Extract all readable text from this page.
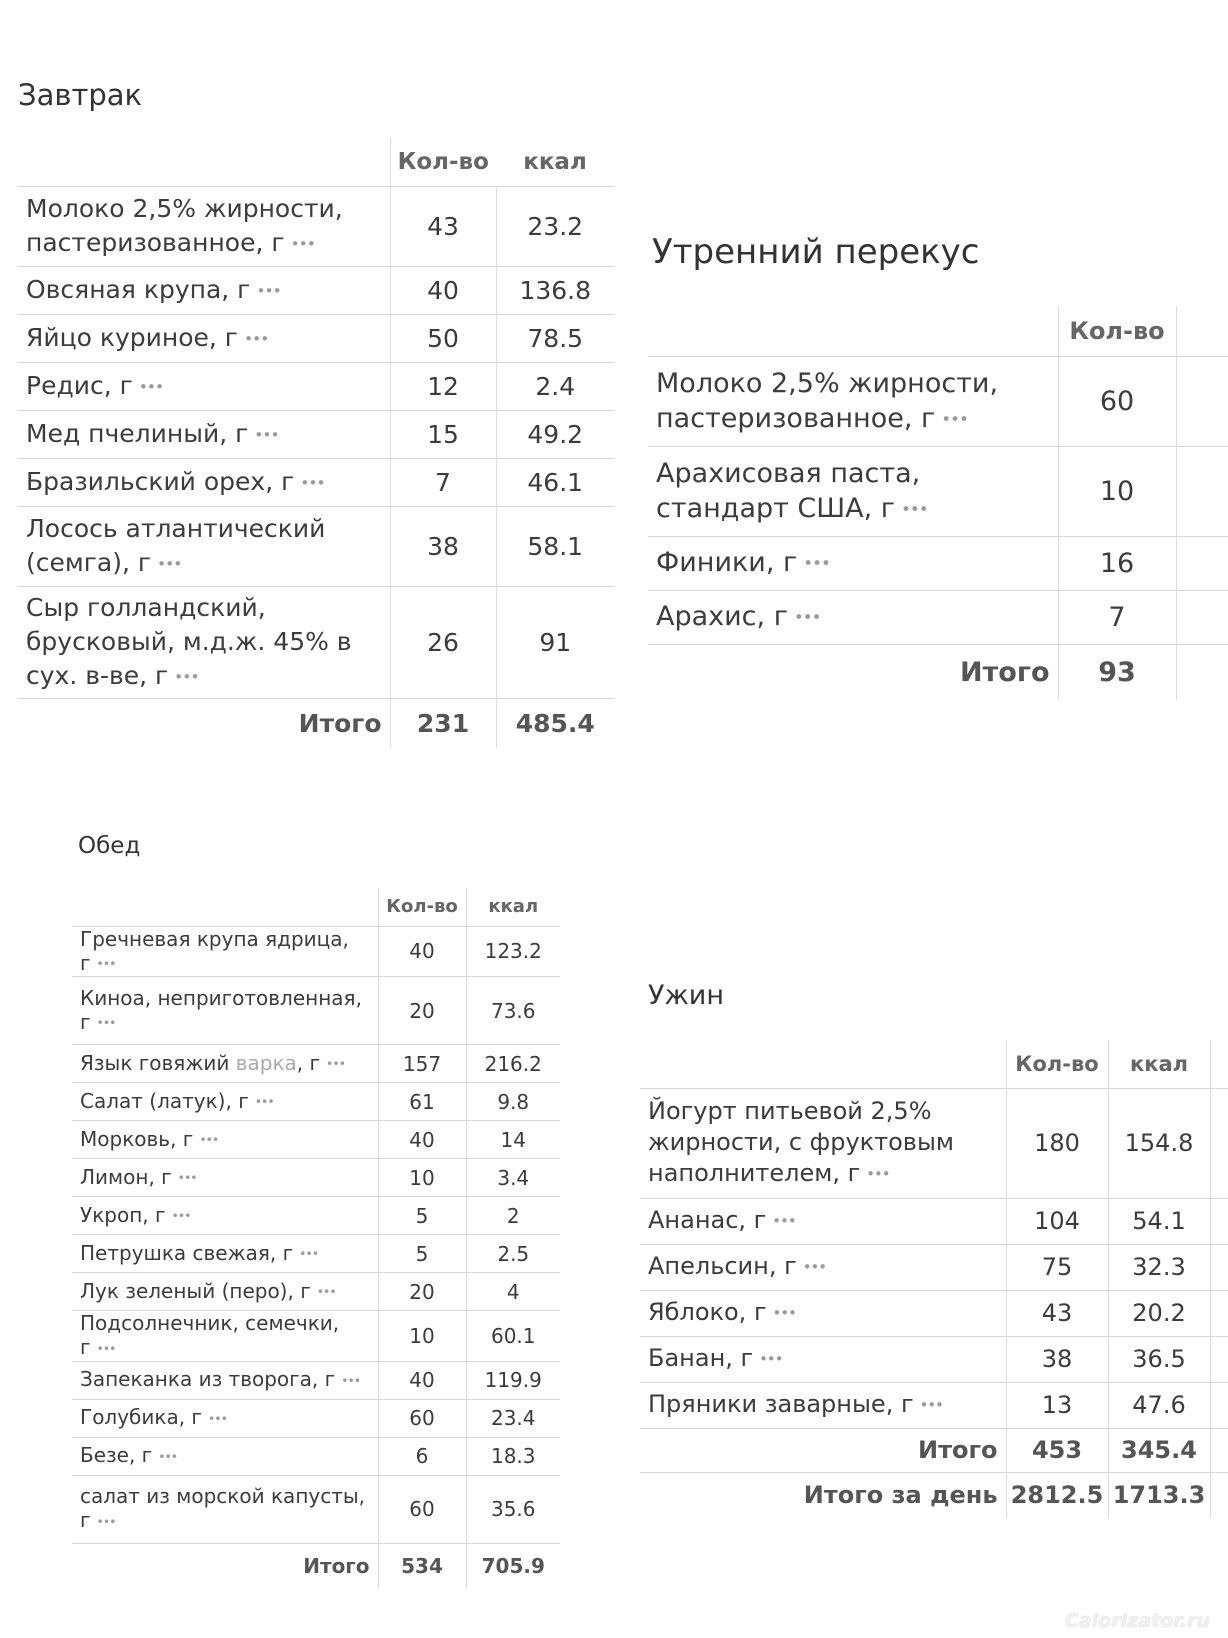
Завтрак
	Кол-во	ккал
Молоко 2,5% жирности, пастеризованное, г •••	43	23.2
Овсяная крупа, г •••	40	136.8
Яйцо куриное, г •••	50	78.5
Редис, г •••	12	2.4
Мед пчелиный, г •••	15	49.2
Бразильский орех, г •••	7	46.1
Лосось атлантический (семга), г •••	38	58.1
Сыр голландский, брусковый, м.д.ж. 45% в сух. в-ве, г •••	26	91
Итого	231	485.4
Утренний перекус
	Кол-во	
Молоко 2,5% жирности, пастеризованное, г •••	60	
Арахисовая паста, стандарт США, г •••	10	
Финики, г •••	16	
Арахис, г •••	7	
Итого	93	
Обед
	Кол-во	ккал
Гречневая крупа ядрица, г •••	40	123.2
Киноа, неприготовленная, г •••	20	73.6
Язык говяжий варка, г •••	157	216.2
Салат (латук), г •••	61	9.8
Морковь, г •••	40	14
Лимон, г •••	10	3.4
Укроп, г •••	5	2
Петрушка свежая, г •••	5	2.5
Лук зеленый (перо), г •••	20	4
Подсолнечник, семечки, г •••	10	60.1
Запеканка из творога, г •••	40	119.9
Голубика, г •••	60	23.4
Безе, г •••	6	18.3
салат из морской капусты, г •••	60	35.6
Итого	534	705.9
Ужин
	Кол-во	ккал	
Йогурт питьевой 2,5% жирности, с фруктовым наполнителем, г •••	180	154.8	
Ананас, г •••	104	54.1	
Апельсин, г •••	75	32.3	
Яблоко, г •••	43	20.2	
Банан, г •••	38	36.5	
Пряники заварные, г •••	13	47.6	
Итого	453	345.4	
Итого за день	2812.5	1713.3	
Calorizator.ru
